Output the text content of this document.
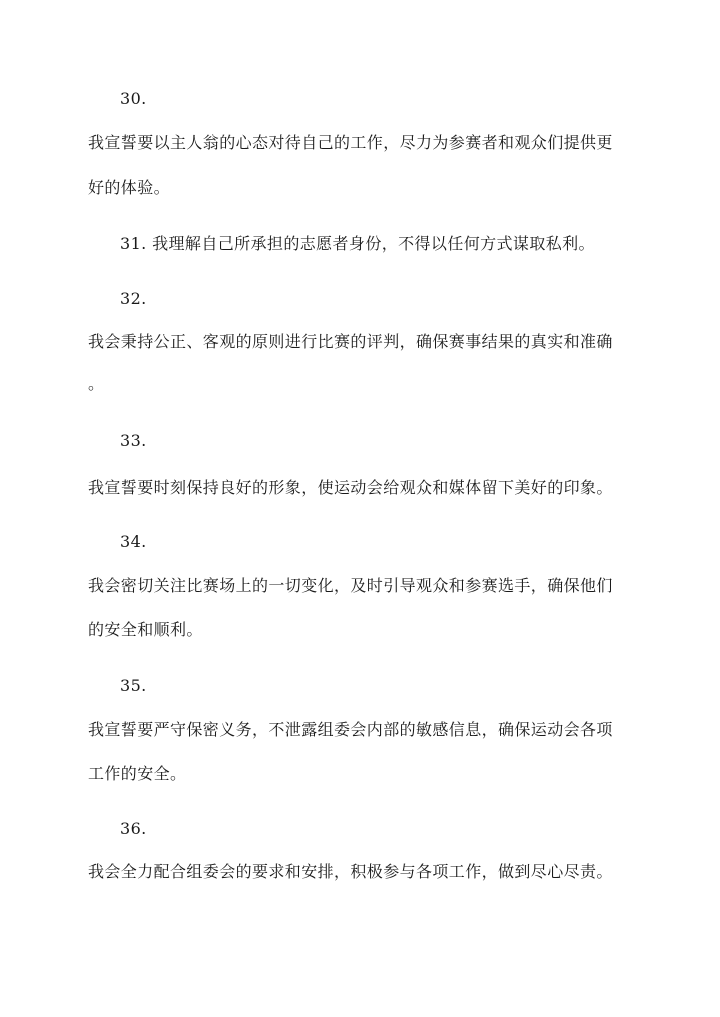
30.
我宣誓要以主人翁的心态对待自己的工作，尽力为参赛者和观众们提供更
好的体验。
31. 我理解自己所承担的志愿者身份，不得以任何方式谋取私利。
32.
我会秉持公正、客观的原则进行比赛的评判，确保赛事结果的真实和准确
。
33.
我宣誓要时刻保持良好的形象，使运动会给观众和媒体留下美好的印象。
34.
我会密切关注比赛场上的一切变化，及时引导观众和参赛选手，确保他们
的安全和顺利。
35.
我宣誓要严守保密义务，不泄露组委会内部的敏感信息，确保运动会各项
工作的安全。
36.
我会全力配合组委会的要求和安排，积极参与各项工作，做到尽心尽责。
